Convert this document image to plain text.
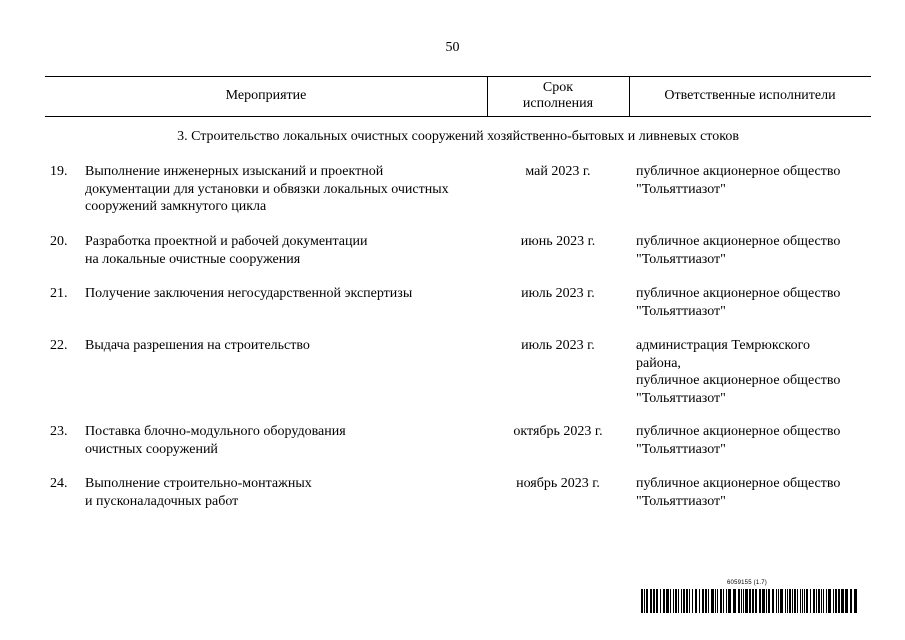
50
Мероприятие
Срок
исполнения
Ответственные исполнители
3. Строительство локальных очистных сооружений хозяйственно-бытовых и ливневых стоков
19.	Выполнение инженерных изысканий и проектной
документации для установки и обвязки локальных очистных
сооружений замкнутого цикла
май 2023 г.	публичное акционерное общество
"Тольяттиазот"
20.	Разработка проектной и рабочей документации
на локальные очистные сооружения
июнь 2023 г.	публичное акционерное общество
"Тольяттиазот"
21.	Получение заключения негосударственной экспертизы	июль 2023 г.	публичное акционерное общество
"Тольяттиазот"
22.	Выдача разрешения на строительство	июль 2023 г.	администрация Темрюкского
района,
публичное акционерное общество
"Тольяттиазот"
23.	Поставка блочно-модульного оборудования
очистных сооружений
октябрь 2023 г.	публичное акционерное общество
"Тольяттиазот"
24.	Выполнение строительно-монтажных
и пусконаладочных работ
ноябрь 2023 г.	публичное акционерное общество
"Тольяттиазот"
6059155 (1.7)
